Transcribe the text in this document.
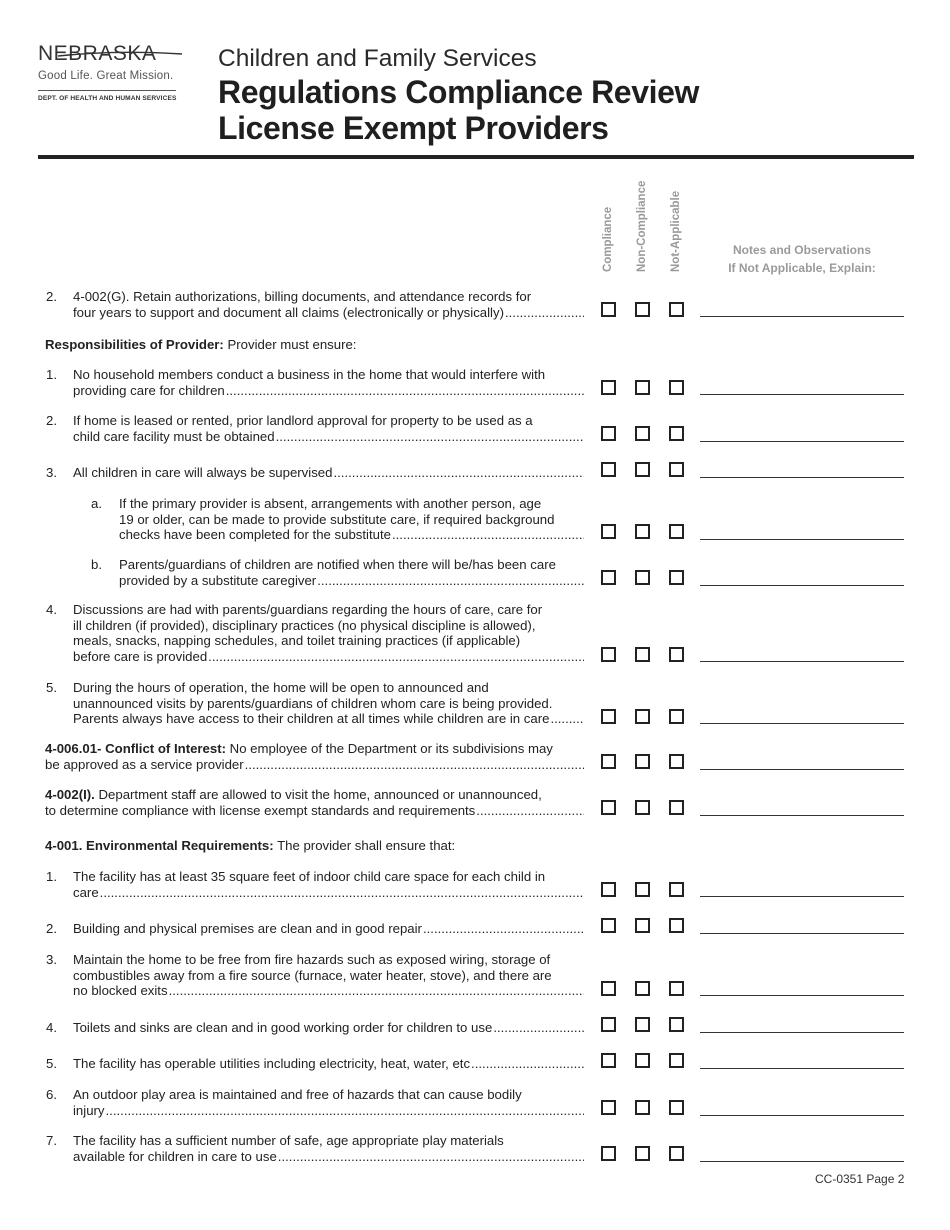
NEBRASKA
Good Life. Great Mission.
DEPT. OF HEALTH AND HUMAN SERVICES
Children and Family Services
Regulations Compliance Review
License Exempt Providers
Compliance Non-Compliance Not-Applicable	Notes and Observations
If Not Applicable, Explain:
2. 4-002(G). Retain authorizations, billing documents, and attendance records for
four years to support and document all claims (electronically or physically)
.....
Responsibilities of Provider: Provider must ensure:
1. No household members conduct a business in the home that would interfere with
providing care for children
.....
2. If home is leased or rented, prior landlord approval for property to be used as a
child care facility must be obtained
.....
3. All children in care will always be supervised
.....
a. If the primary provider is absent, arrangements with another person, age
19 or older, can be made to provide substitute care, if required background
checks have been completed for the substitute
.....
b. Parents/guardians of children are notified when there will be/has been care
provided by a substitute caregiver
.....
4. Discussions are had with parents/guardians regarding the hours of care, care for
ill children (if provided), disciplinary practices (no physical discipline is allowed),
meals, snacks, napping schedules, and toilet training practices (if applicable)
before care is provided
.....
5. During the hours of operation, the home will be open to announced and
unannounced visits by parents/guardians of children whom care is being provided.
Parents always have access to their children at all times while children are in care
.....
4-006.01- Conflict of Interest: No employee of the Department or its subdivisions may
be approved as a service provider
.....
4-002(I). Department staff are allowed to visit the home, announced or unannounced,
to determine compliance with license exempt standards and requirements
.....
4-001. Environmental Requirements: The provider shall ensure that:
1. The facility has at least 35 square feet of indoor child care space for each child in
care
.....
2. Building and physical premises are clean and in good repair
.....
3. Maintain the home to be free from fire hazards such as exposed wiring, storage of
combustibles away from a fire source (furnace, water heater, stove), and there are
no blocked exits
.....
4. Toilets and sinks are clean and in good working order for children to use
.....
5. The facility has operable utilities including electricity, heat, water, etc
.....
6. An outdoor play area is maintained and free of hazards that can cause bodily
injury
.....
7. The facility has a sufficient number of safe, age appropriate play materials
available for children in care to use
.....
CC-0351 Page 2
